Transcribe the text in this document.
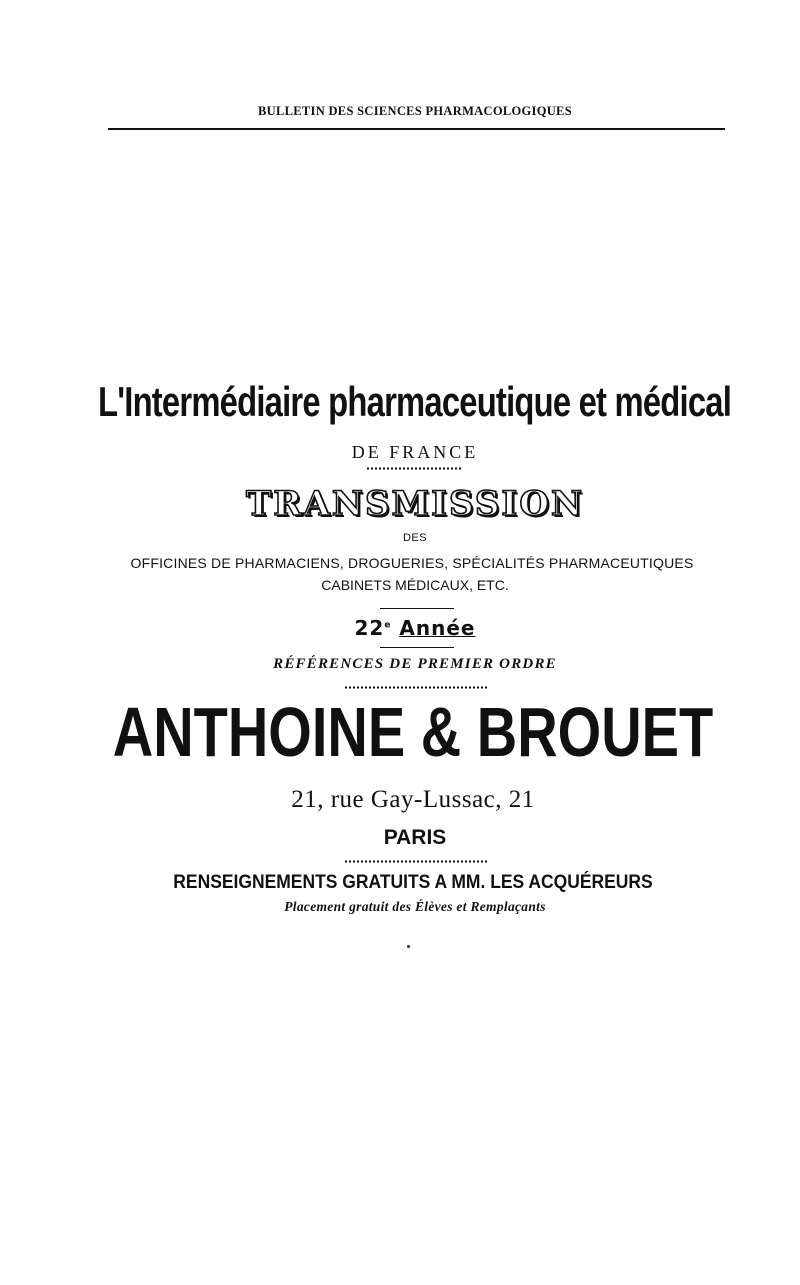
BULLETIN DES SCIENCES PHARMACOLOGIQUES
L'Intermédiaire pharmaceutique et médical
DE FRANCE
TRANSMISSION
DES
OFFICINES DE PHARMACIENS, DROGUERIES, SPÉCIALITÉS PHARMACEUTIQUES
CABINETS MÉDICAUX, ETC.
22e Année
RÉFÉRENCES DE PREMIER ORDRE
ANTHOINE & BROUET
21, rue Gay-Lussac, 21
PARIS
RENSEIGNEMENTS GRATUITS A MM. LES ACQUÉREURS
Placement gratuit des Élèves et Remplaçants
